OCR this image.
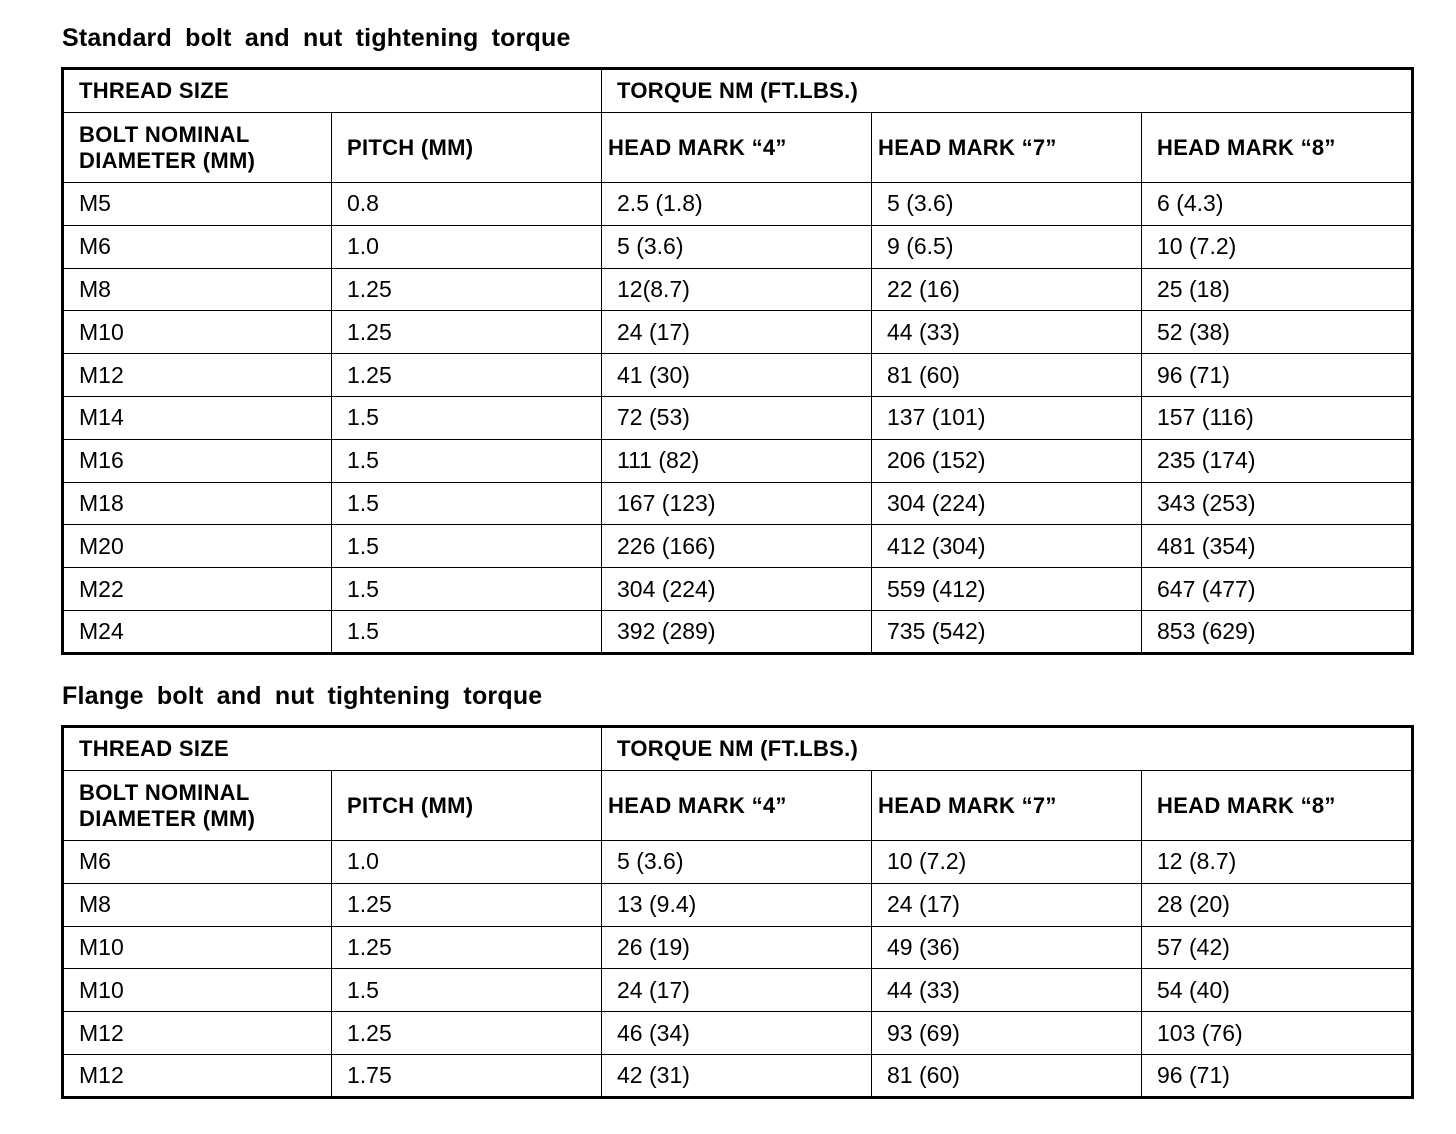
Standard bolt and nut tightening torque
THREAD SIZE		TORQUE NM (FT.LBS.)		
BOLT NOMINAL DIAMETER (MM)	PITCH (MM)	HEAD MARK “4”	HEAD MARK “7”	HEAD MARK “8”
M5	0.8	2.5 (1.8)	5 (3.6)	6 (4.3)
M6	1.0	5 (3.6)	9 (6.5)	10 (7.2)
M8	1.25	12(8.7)	22 (16)	25 (18)
M10	1.25	24 (17)	44 (33)	52 (38)
M12	1.25	41 (30)	81 (60)	96 (71)
M14	1.5	72 (53)	137 (101)	157 (116)
M16	1.5	111 (82)	206 (152)	235 (174)
M18	1.5	167 (123)	304 (224)	343 (253)
M20	1.5	226 (166)	412 (304)	481 (354)
M22	1.5	304 (224)	559 (412)	647 (477)
M24	1.5	392 (289)	735 (542)	853 (629)
Flange bolt and nut tightening torque
THREAD SIZE		TORQUE NM (FT.LBS.)		
BOLT NOMINAL DIAMETER (MM)	PITCH (MM)	HEAD MARK “4”	HEAD MARK “7”	HEAD MARK “8”
M6	1.0	5 (3.6)	10 (7.2)	12 (8.7)
M8	1.25	13 (9.4)	24 (17)	28 (20)
M10	1.25	26 (19)	49 (36)	57 (42)
M10	1.5	24 (17)	44 (33)	54 (40)
M12	1.25	46 (34)	93 (69)	103 (76)
M12	1.75	42 (31)	81 (60)	96 (71)
